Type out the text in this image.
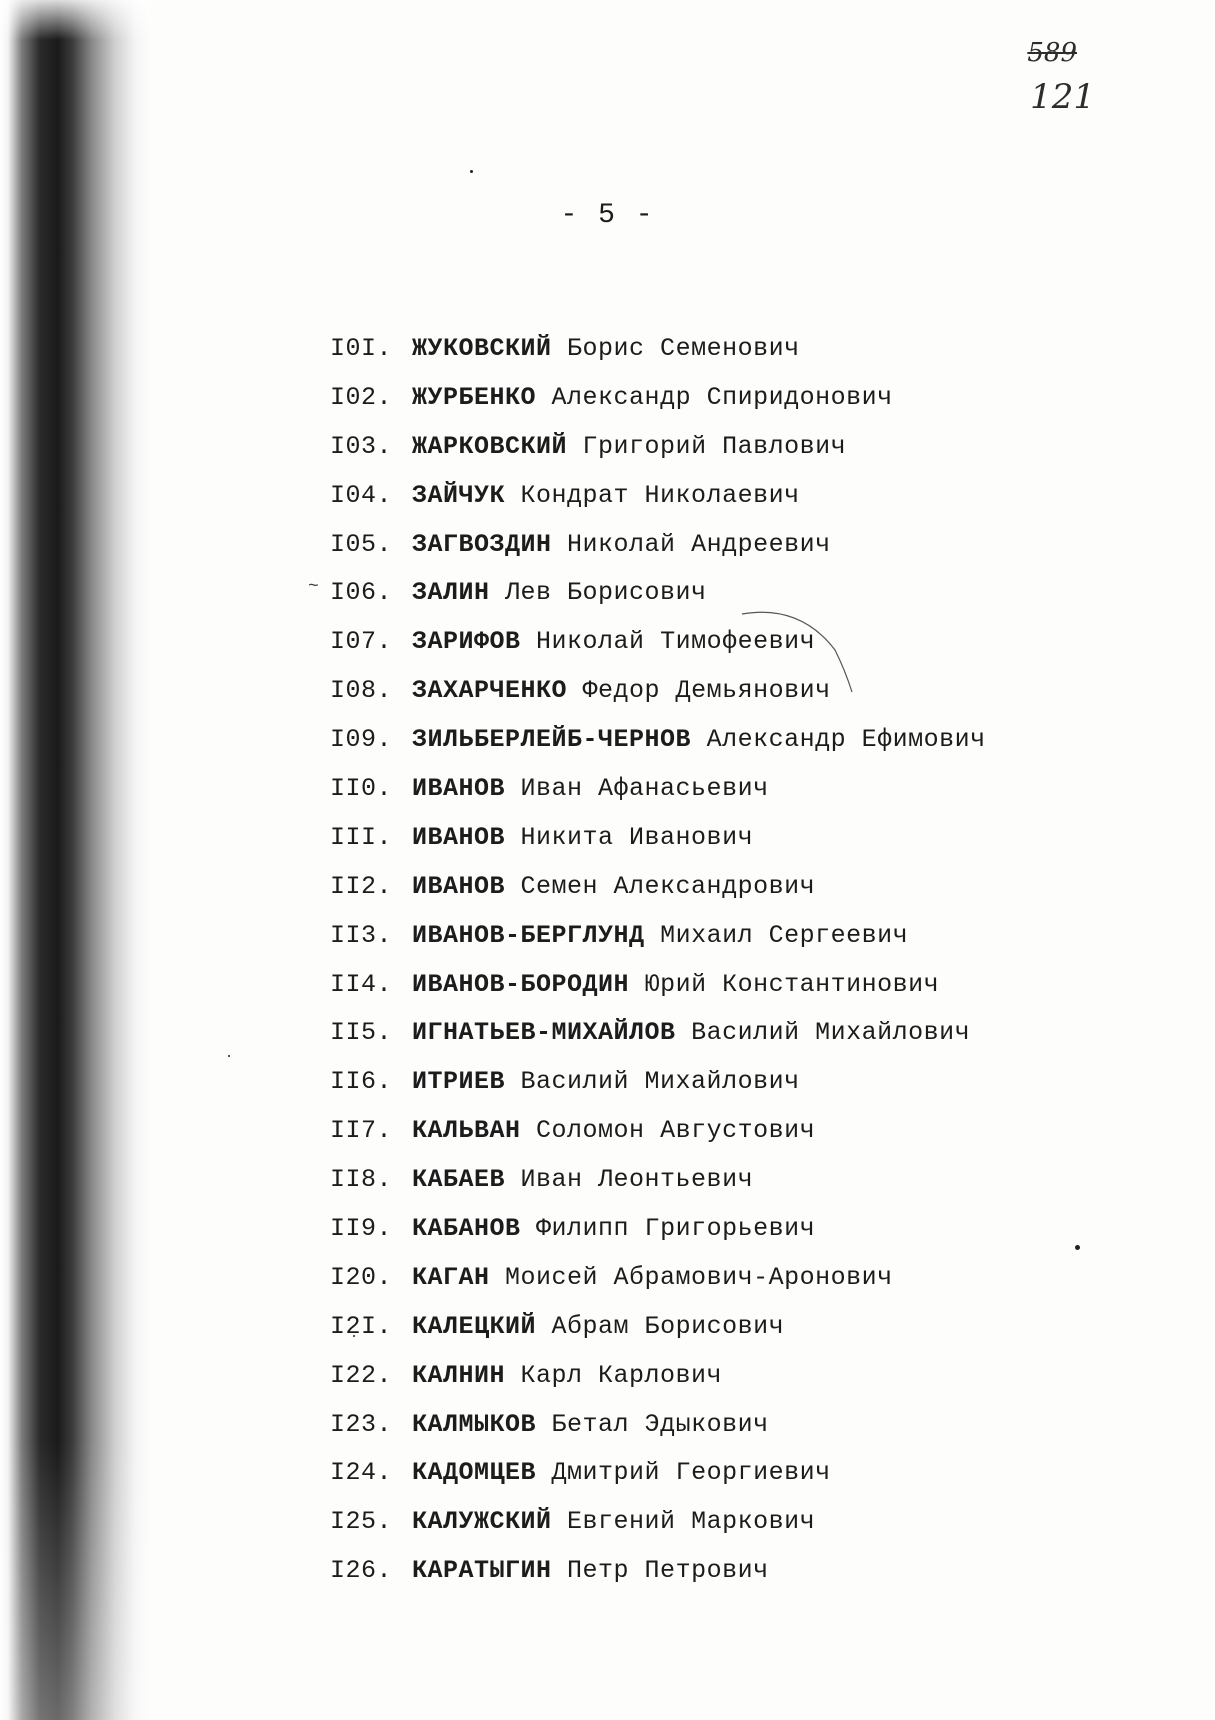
589
121
- 5 -
~
I0I. ЖУКОВСКИЙ Борис Семенович
I02. ЖУРБЕНКО Александр Спиридонович
I03. ЖАРКОВСКИЙ Григорий Павлович
I04. ЗАЙЧУК Кондрат Николаевич
I05. ЗАГВОЗДИН Николай Андреевич
I06. ЗАЛИН Лев Борисович
I07. ЗАРИФОВ Николай Тимофеевич
I08. ЗАХАРЧЕНКО Федор Демьянович
I09. ЗИЛЬБЕРЛЕЙБ-ЧЕРНОВ Александр Ефимович
II0. ИВАНОВ Иван Афанасьевич
III. ИВАНОВ Никита Иванович
II2. ИВАНОВ Семен Александрович
II3. ИВАНОВ-БЕРГЛУНД Михаил Сергеевич
II4. ИВАНОВ-БОРОДИН Юрий Константинович
II5. ИГНАТЬЕВ-МИХАЙЛОВ Василий Михайлович
II6. ИТРИЕВ Василий Михайлович
II7. КАЛЬВАН Соломон Августович
II8. КАБАЕВ Иван Леонтьевич
II9. КАБАНОВ Филипп Григорьевич
I20. КАГАН Моисей Абрамович-Аронович
I2I. КАЛЕЦКИЙ Абрам Борисович
I22. КАЛНИН Карл Карлович
I23. КАЛМЫКОВ Бетал Эдыкович
I24. КАДОМЦЕВ Дмитрий Георгиевич
I25. КАЛУЖСКИЙ Евгений Маркович
I26. КАРАТЫГИН Петр Петрович
